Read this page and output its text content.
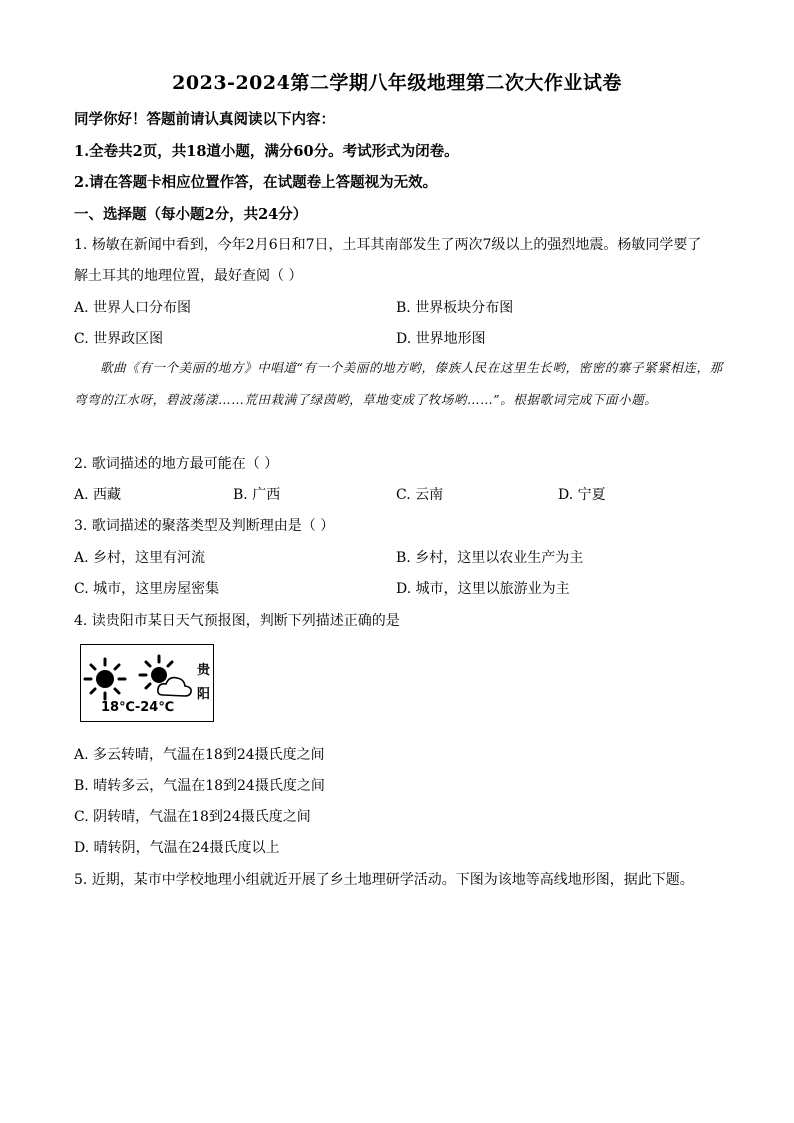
2023-2024第二学期八年级地理第二次大作业试卷
同学你好！答题前请认真阅读以下内容：
1.全卷共2页，共18道小题，满分60分。考试形式为闭卷。
2.请在答题卡相应位置作答，在试题卷上答题视为无效。
一、选择题（每小题2分，共24分）
1. 杨敏在新闻中看到，今年2月6日和7日，土耳其南部发生了两次7级以上的强烈地震。杨敏同学要了
解土耳其的地理位置，最好查阅（ ）
A. 世界人口分布图	B. 世界板块分布图
C. 世界政区图	D. 世界地形图
歌曲《有一个美丽的地方》中唱道“有一个美丽的地方哟，傣族人民在这里生长哟，密密的寨子紧紧相连，那弯弯的江水呀，碧波荡漾……荒田栽满了绿茵哟，草地变成了牧场哟……”。根据歌词完成下面小题。
2. 歌词描述的地方最可能在（ ）
A. 西藏	B. 广西	C. 云南	D. 宁夏
3. 歌词描述的聚落类型及判断理由是（ ）
A. 乡村，这里有河流	B. 乡村，这里以农业生产为主
C. 城市，这里房屋密集	D. 城市，这里以旅游业为主
4. 读贵阳市某日天气预报图，判断下列描述正确的是
贵
阳
18℃-24℃
A. 多云转晴，气温在18到24摄氏度之间
B. 晴转多云，气温在18到24摄氏度之间
C. 阴转晴，气温在18到24摄氏度之间
D. 晴转阴，气温在24摄氏度以上
5. 近期，某市中学校地理小组就近开展了乡土地理研学活动。下图为该地等高线地形图，据此下题。
